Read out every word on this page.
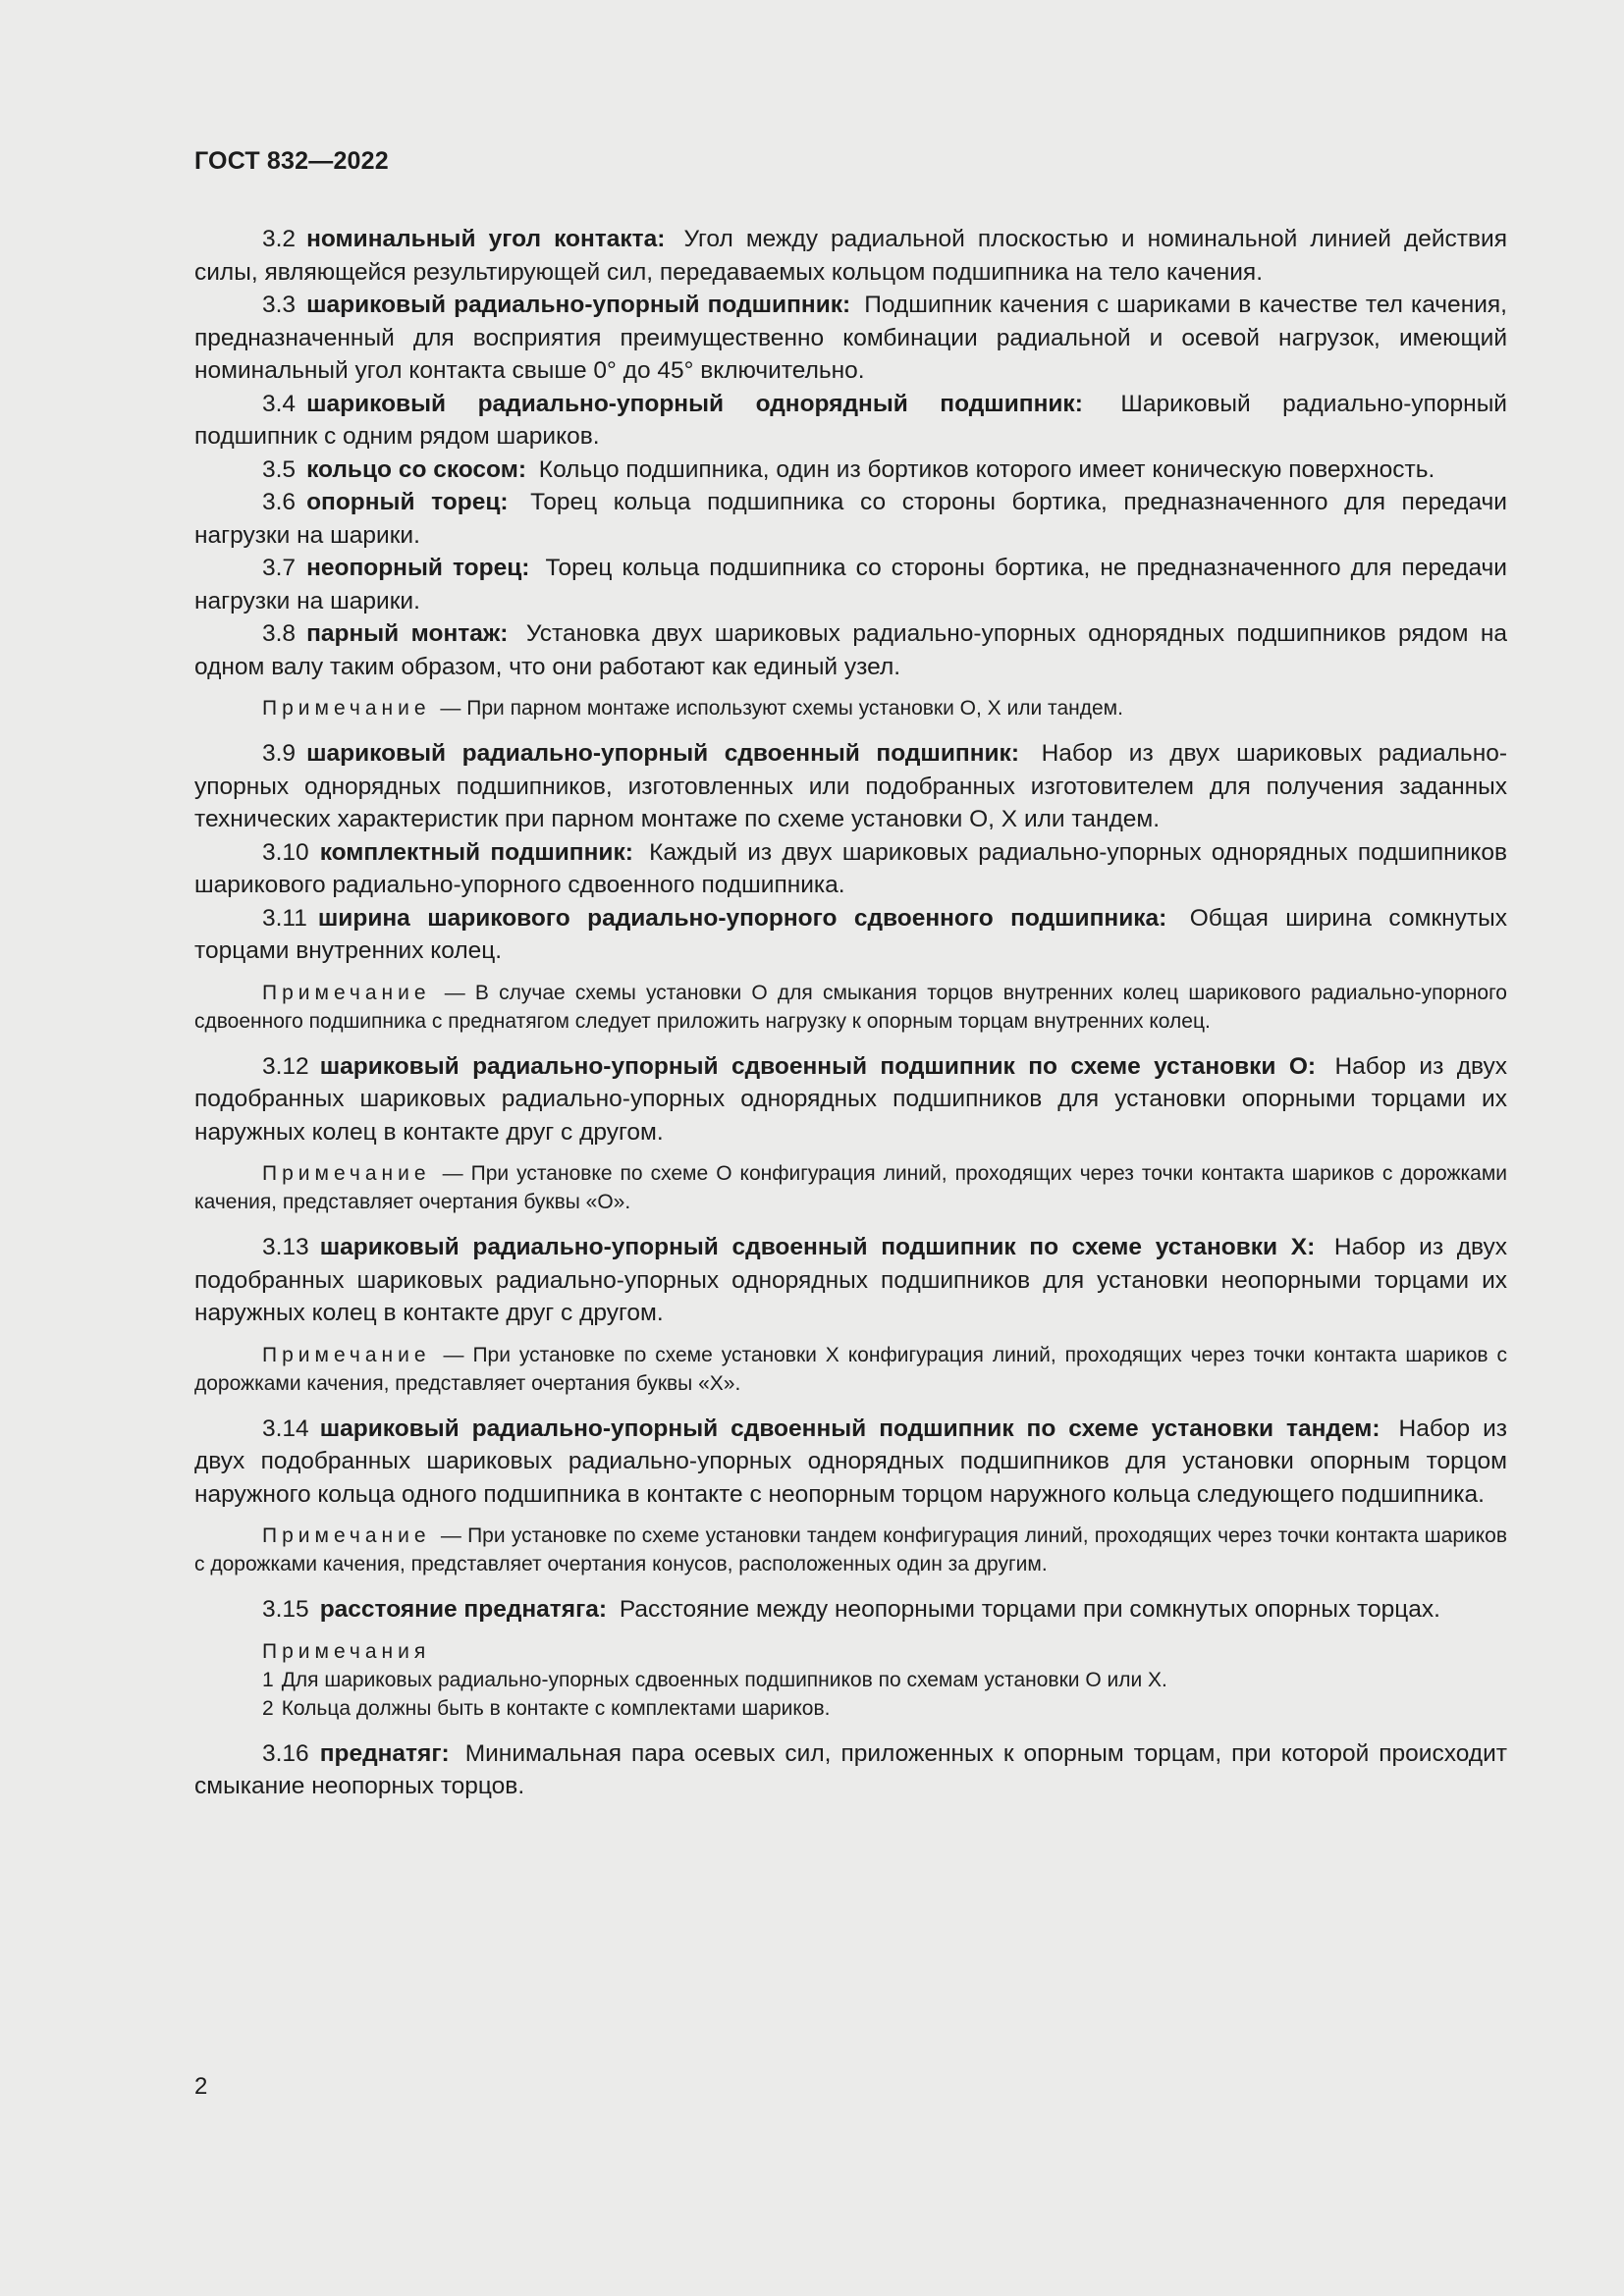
ГОСТ 832—2022

3.2 номинальный угол контакта: Угол между радиальной плоскостью и номинальной линией действия силы, являющейся результирующей сил, передаваемых кольцом подшипника на тело качения.

3.3 шариковый радиально-упорный подшипник: Подшипник качения с шариками в качестве тел качения, предназначенный для восприятия преимущественно комбинации радиальной и осевой нагрузок, имеющий номинальный угол контакта свыше 0° до 45° включительно.

3.4 шариковый радиально-упорный однорядный подшипник: Шариковый радиально-упорный подшипник с одним рядом шариков.

3.5 кольцо со скосом: Кольцо подшипника, один из бортиков которого имеет коническую поверхность.

3.6 опорный торец: Торец кольца подшипника со стороны бортика, предназначенного для передачи нагрузки на шарики.

3.7 неопорный торец: Торец кольца подшипника со стороны бортика, не предназначенного для передачи нагрузки на шарики.

3.8 парный монтаж: Установка двух шариковых радиально-упорных однорядных подшипников рядом на одном валу таким образом, что они работают как единый узел.

Примечание — При парном монтаже используют схемы установки О, Х или тандем.

3.9 шариковый радиально-упорный сдвоенный подшипник: Набор из двух шариковых радиально-упорных однорядных подшипников, изготовленных или подобранных изготовителем для получения заданных технических характеристик при парном монтаже по схеме установки О, Х или тандем.

3.10 комплектный подшипник: Каждый из двух шариковых радиально-упорных однорядных подшипников шарикового радиально-упорного сдвоенного подшипника.

3.11 ширина шарикового радиально-упорного сдвоенного подшипника: Общая ширина сомкнутых торцами внутренних колец.

Примечание — В случае схемы установки О для смыкания торцов внутренних колец шарикового радиально-упорного сдвоенного подшипника с преднатягом следует приложить нагрузку к опорным торцам внутренних колец.

3.12 шариковый радиально-упорный сдвоенный подшипник по схеме установки О: Набор из двух подобранных шариковых радиально-упорных однорядных подшипников для установки опорными торцами их наружных колец в контакте друг с другом.

Примечание — При установке по схеме О конфигурация линий, проходящих через точки контакта шариков с дорожками качения, представляет очертания буквы «О».

3.13 шариковый радиально-упорный сдвоенный подшипник по схеме установки Х: Набор из двух подобранных шариковых радиально-упорных однорядных подшипников для установки неопорными торцами их наружных колец в контакте друг с другом.

Примечание — При установке по схеме установки Х конфигурация линий, проходящих через точки контакта шариков с дорожками качения, представляет очертания буквы «Х».

3.14 шариковый радиально-упорный сдвоенный подшипник по схеме установки тандем: Набор из двух подобранных шариковых радиально-упорных однорядных подшипников для установки опорным торцом наружного кольца одного подшипника в контакте с неопорным торцом наружного кольца следующего подшипника.

Примечание — При установке по схеме установки тандем конфигурация линий, проходящих через точки контакта шариков с дорожками качения, представляет очертания конусов, расположенных один за другим.

3.15 расстояние преднатяга: Расстояние между неопорными торцами при сомкнутых опорных торцах.

Примечания
1 Для шариковых радиально-упорных сдвоенных подшипников по схемам установки О или Х.
2 Кольца должны быть в контакте с комплектами шариков.

3.16 преднатяг: Минимальная пара осевых сил, приложенных к опорным торцам, при которой происходит смыкание неопорных торцов.

2
